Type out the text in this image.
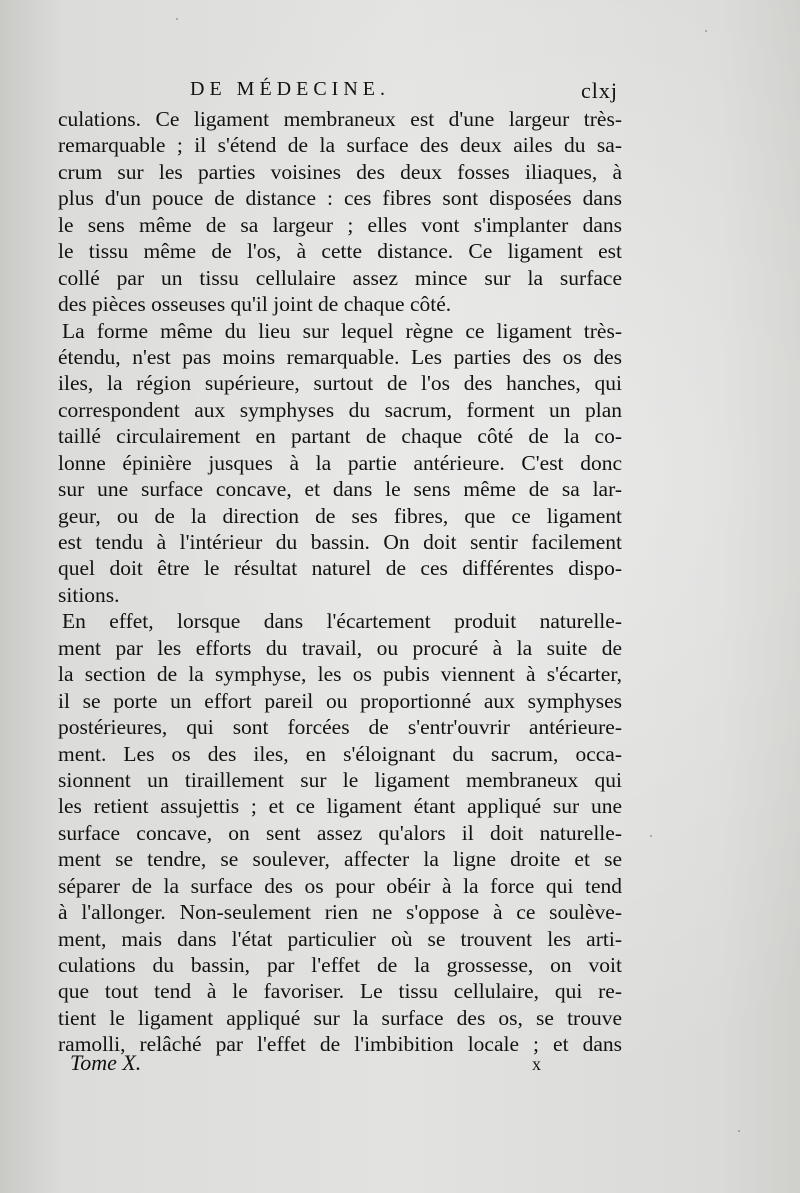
DE MÉDECINE.	clxj
culations. Ce ligament membraneux est d'une largeur très-
remarquable ; il s'étend de la surface des deux ailes du sa-
crum sur les parties voisines des deux fosses iliaques, à
plus d'un pouce de distance : ces fibres sont disposées dans
le sens même de sa largeur ; elles vont s'implanter dans
le tissu même de l'os, à cette distance. Ce ligament est
collé par un tissu cellulaire assez mince sur la surface
des pièces osseuses qu'il joint de chaque côté.
La forme même du lieu sur lequel règne ce ligament très-
étendu, n'est pas moins remarquable. Les parties des os des
iles, la région supérieure, surtout de l'os des hanches, qui
correspondent aux symphyses du sacrum, forment un plan
taillé circulairement en partant de chaque côté de la co-
lonne épinière jusques à la partie antérieure. C'est donc
sur une surface concave, et dans le sens même de sa lar-
geur, ou de la direction de ses fibres, que ce ligament
est tendu à l'intérieur du bassin. On doit sentir facilement
quel doit être le résultat naturel de ces différentes dispo-
sitions.
En effet, lorsque dans l'écartement produit naturelle-
ment par les efforts du travail, ou procuré à la suite de
la section de la symphyse, les os pubis viennent à s'écarter,
il se porte un effort pareil ou proportionné aux symphyses
postérieures, qui sont forcées de s'entr'ouvrir antérieure-
ment. Les os des iles, en s'éloignant du sacrum, occa-
sionnent un tiraillement sur le ligament membraneux qui
les retient assujettis ; et ce ligament étant appliqué sur une
surface concave, on sent assez qu'alors il doit naturelle-
ment se tendre, se soulever, affecter la ligne droite et se
séparer de la surface des os pour obéir à la force qui tend
à l'allonger. Non-seulement rien ne s'oppose à ce soulève-
ment, mais dans l'état particulier où se trouvent les arti-
culations du bassin, par l'effet de la grossesse, on voit
que tout tend à le favoriser. Le tissu cellulaire, qui re-
tient le ligament appliqué sur la surface des os, se trouve
ramolli, relâché par l'effet de l'imbibition locale ; et dans
Tome X.	x
